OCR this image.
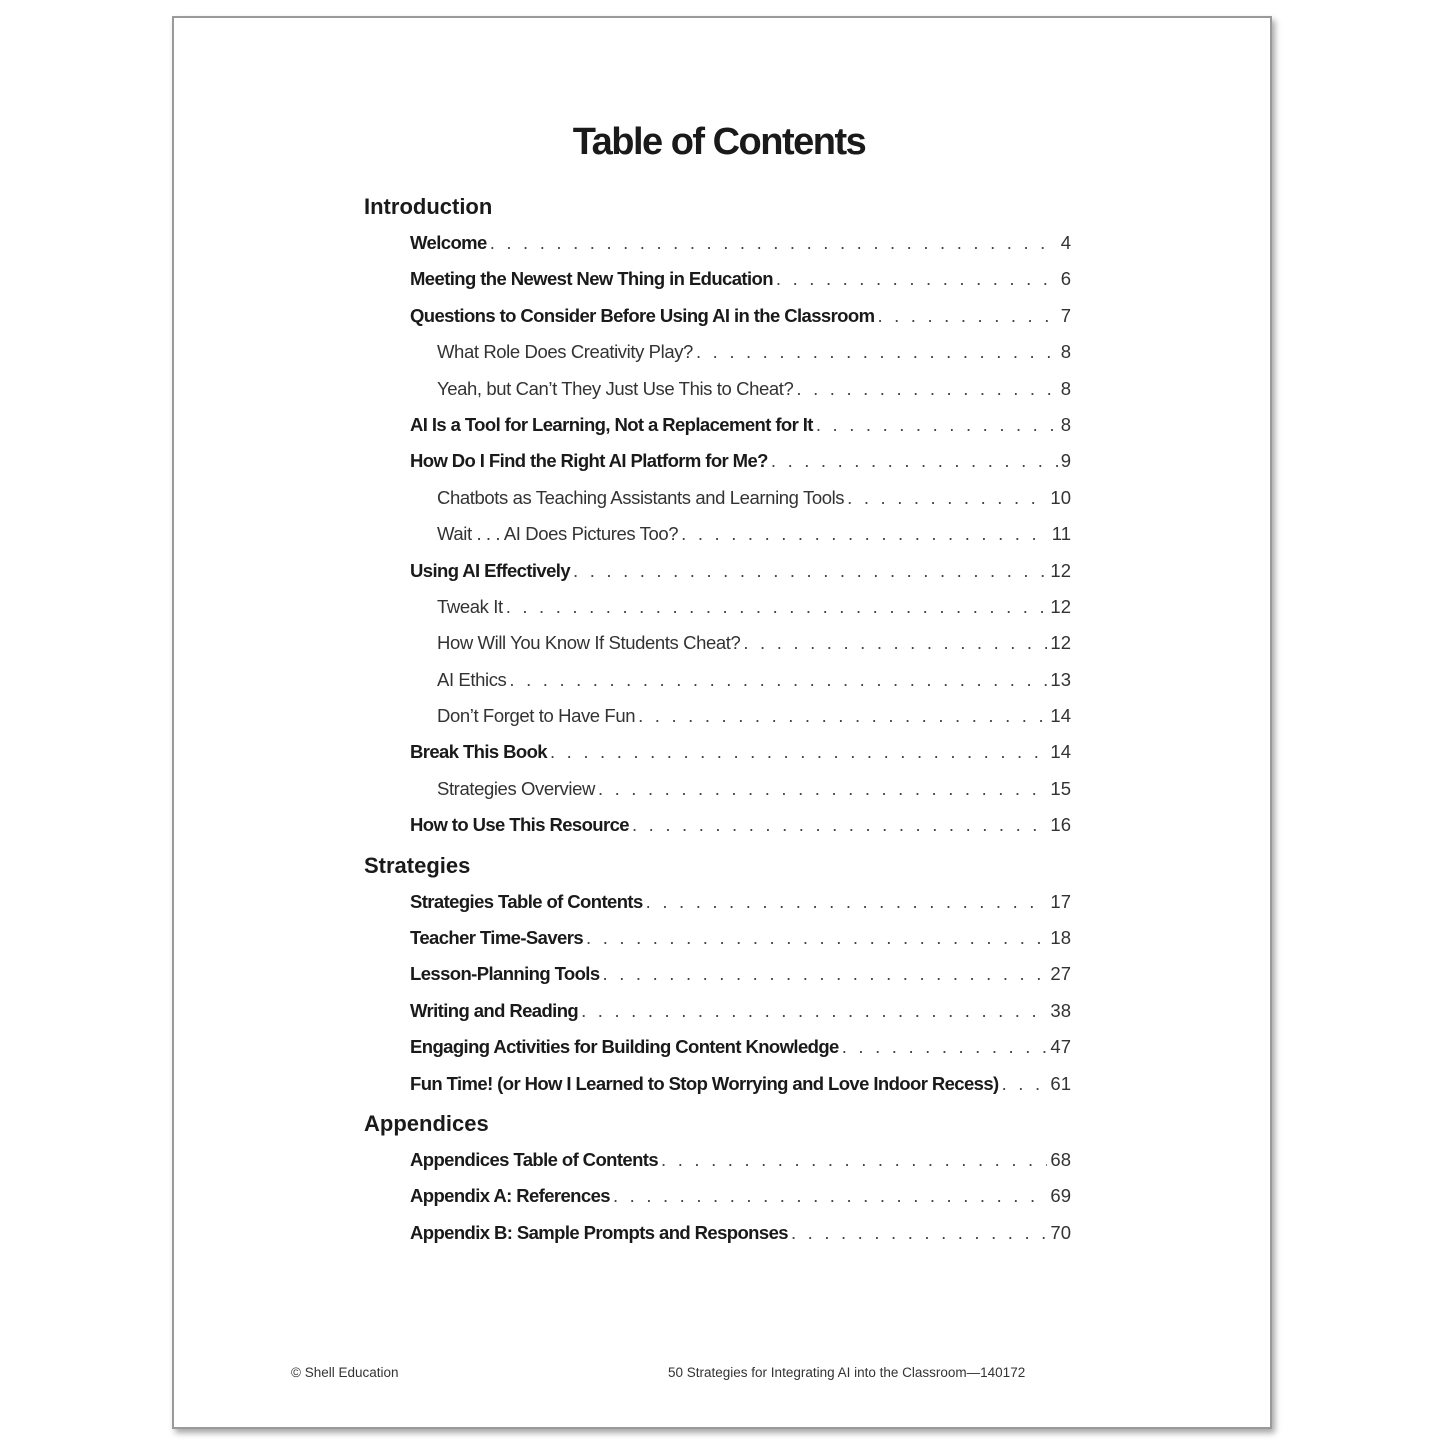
Table of Contents
Introduction
Welcome . . .	4
Meeting the Newest New Thing in Education . . .	6
Questions to Consider Before Using AI in the Classroom . . .	7
What Role Does Creativity Play? . . .	8
Yeah, but Can’t They Just Use This to Cheat? . . .	8
AI Is a Tool for Learning, Not a Replacement for It . . .	8
How Do I Find the Right AI Platform for Me? . . .	9
Chatbots as Teaching Assistants and Learning Tools . . .	10
Wait . . . AI Does Pictures Too? . . .	11
Using AI Effectively . . .	12
Tweak It . . .	12
How Will You Know If Students Cheat? . . .	12
AI Ethics . . .	13
Don’t Forget to Have Fun . . .	14
Break This Book . . .	14
Strategies Overview . . .	15
How to Use This Resource . . .	16
Strategies
Strategies Table of Contents . . .	17
Teacher Time-Savers . . .	18
Lesson-Planning Tools . . .	27
Writing and Reading . . .	38
Engaging Activities for Building Content Knowledge . . .	47
Fun Time! (or How I Learned to Stop Worrying and Love Indoor Recess) . . .	61
Appendices
Appendices Table of Contents . . .	68
Appendix A: References . . .	69
Appendix B: Sample Prompts and Responses . . .	70
© Shell Education	50 Strategies for Integrating AI into the Classroom—140172
